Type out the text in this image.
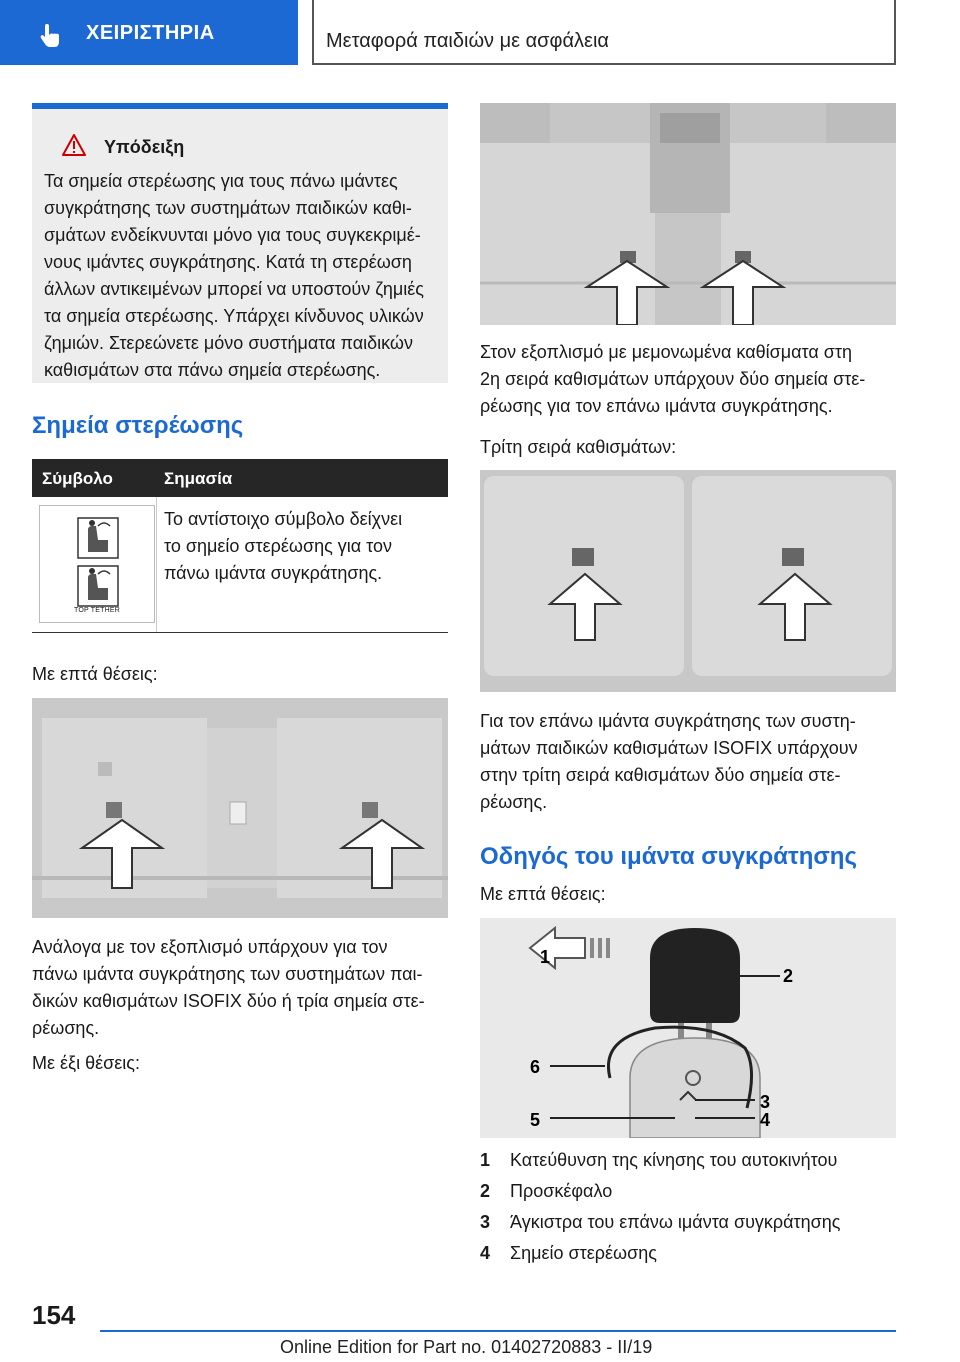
ΧΕΙΡΙΣΤΗΡΙΑ	Μεταφορά παιδιών με ασφάλεια
Υπόδειξη
Τα σημεία στερέωσης για τους πάνω ιμάντες
συγκράτησης των συστημάτων παιδικών καθι-
σμάτων ενδείκνυνται μόνο για τους συγκεκριμέ-
νους ιμάντες συγκράτησης. Κατά τη στερέωση
άλλων αντικειμένων μπορεί να υποστούν ζημιές
τα σημεία στερέωσης. Υπάρχει κίνδυνος υλικών
ζημιών. Στερεώνετε μόνο συστήματα παιδικών
καθισμάτων στα πάνω σημεία στερέωσης.
Σημεία στερέωσης
Σύμβολο	Σημασία
TOP TETHER
Το αντίστοιχο σύμβολο δείχνει
το σημείο στερέωσης για τον
πάνω ιμάντα συγκράτησης.
Με επτά θέσεις:
Ανάλογα με τον εξοπλισμό υπάρχουν για τον
πάνω ιμάντα συγκράτησης των συστημάτων παι-
δικών καθισμάτων ISOFIX δύο ή τρία σημεία στε-
ρέωσης.
Με έξι θέσεις:
Στον εξοπλισμό με μεμονωμένα καθίσματα στη
2η σειρά καθισμάτων υπάρχουν δύο σημεία στε-
ρέωσης για τον επάνω ιμάντα συγκράτησης.
Τρίτη σειρά καθισμάτων:
Για τον επάνω ιμάντα συγκράτησης των συστη-
μάτων παιδικών καθισμάτων ISOFIX υπάρχουν
στην τρίτη σειρά καθισμάτων δύο σημεία στε-
ρέωσης.
Οδηγός του ιμάντα συγκράτησης
Με επτά θέσεις:
1
2
3
4
5
6
1 Κατεύθυνση της κίνησης του αυτοκινήτου
2 Προσκέφαλο
3 Άγκιστρα του επάνω ιμάντα συγκράτησης
4 Σημείο στερέωσης
154
Online Edition for Part no. 01402720883 - II/19
